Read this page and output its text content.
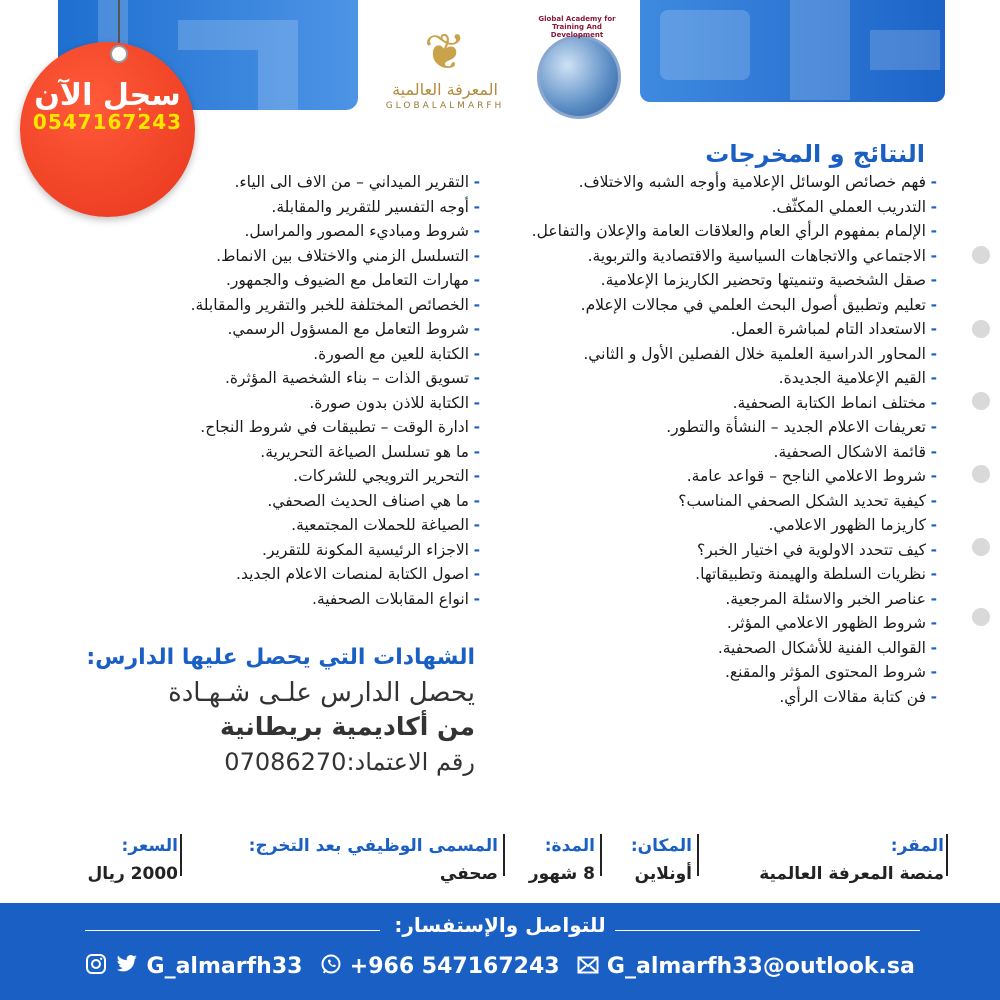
سجل الآن
0547167243
❦
المعرفة العالمية
GLOBALALMARFH
Global Academy for Training And Development
النتائج و المخرجات
- فهم خصائص الوسائل الإعلامية وأوجه الشبه والاختلاف.
- التدريب العملي المكثّف.
- الإلمام بمفهوم الرأي العام والعلاقات العامة والإعلان والتفاعل.
- الاجتماعي والاتجاهات السياسية والاقتصادية والتربوية.
- صقل الشخصية وتنميتها وتحضير الكاريزما الإعلامية.
- تعليم وتطبيق أصول البحث العلمي في مجالات الإعلام.
- الاستعداد التام لمباشرة العمل.
- المحاور الدراسية العلمية خلال الفصلين الأول و الثاني.
- القيم الإعلامية الجديدة.
- مختلف انماط الكتابة الصحفية.
- تعريفات الاعلام الجديد – النشأة والتطور.
- قائمة الاشكال الصحفية.
- شروط الاعلامي الناجح – قواعد عامة.
- كيفية تحديد الشكل الصحفي المناسب؟
- كاريزما الظهور الاعلامي.
- كيف تتحدد الاولوية في اختيار الخبر؟
- نظريات السلطة والهيمنة وتطبيقاتها.
- عناصر الخبر والاسئلة المرجعية.
- شروط الظهور الاعلامي المؤثر.
- القوالب الفنية للأشكال الصحفية.
- شروط المحتوى المؤثر والمقنع.
- فن كتابة مقالات الرأي.
- التقرير الميداني – من الاف الى الياء.
- أوجه التفسير للتقرير والمقابلة.
- شروط ومباديء المصور والمراسل.
- التسلسل الزمني والاختلاف بين الانماط.
- مهارات التعامل مع الضيوف والجمهور.
- الخصائص المختلفة للخبر والتقرير والمقابلة.
- شروط التعامل مع المسؤول الرسمي.
- الكتابة للعين مع الصورة.
- تسويق الذات – بناء الشخصية المؤثرة.
- الكتابة للاذن بدون صورة.
- ادارة الوقت – تطبيقات في شروط النجاح.
- ما هو تسلسل الصياغة التحريرية.
- التحرير الترويجي للشركات.
- ما هي اصناف الحديث الصحفي.
- الصياغة للحملات المجتمعية.
- الاجزاء الرئيسية المكونة للتقرير.
- اصول الكتابة لمنصات الاعلام الجديد.
- انواع المقابلات الصحفية.
الشهادات التي يحصل عليها الدارس:
يحصل الدارس علـى شـهـادة
من أكاديمية بريطانية
رقم الاعتماد:07086270
المقر:
منصة المعرفة العالمية
المكان:
أونلاين
المدة:
8 شهور
المسمى الوظيفي بعد التخرج:
صحفي
السعر:
2000 ريال
للتواصل والإستفسار:
G_almarfh33 +966 547167243 G_almarfh33@outlook.sa
